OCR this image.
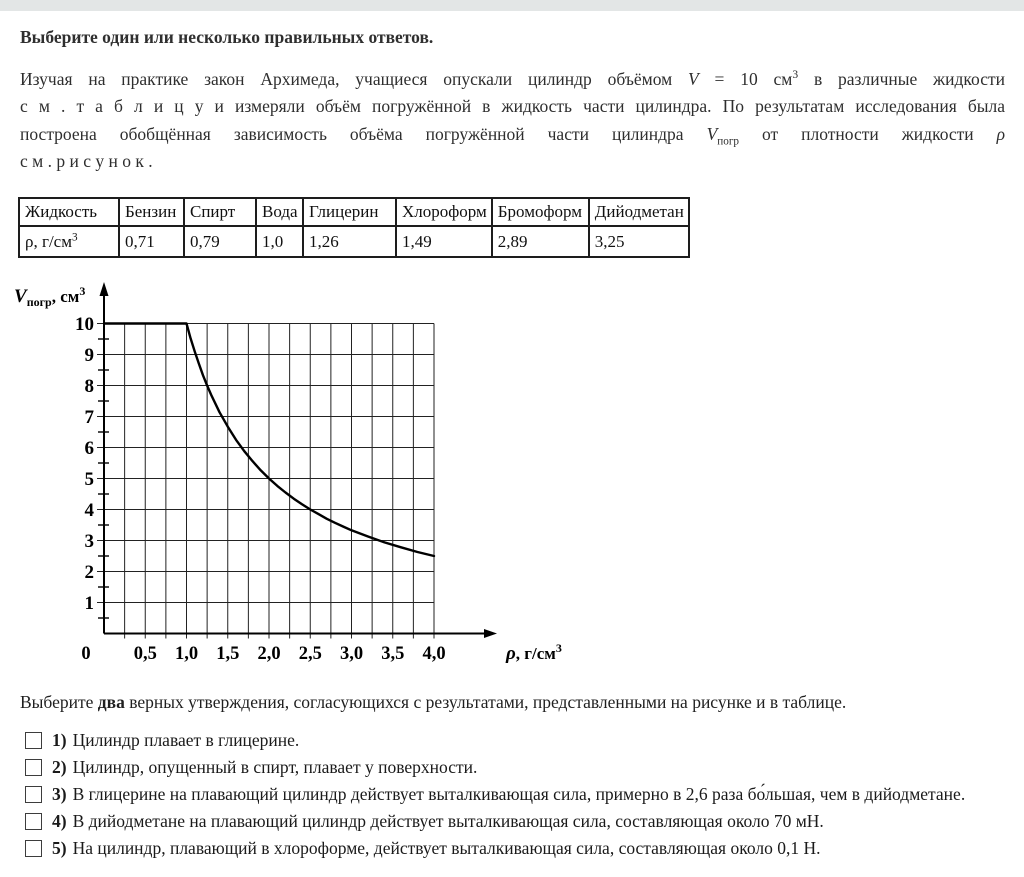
Выберите один или несколько правильных ответов.
Изучая на практике закон Архимеда, учащиеся опускали цилиндр объёмом V = 10 $см^3$ в различные жидкости
с м . т а б л и ц у и измеряли объём погружённой в жидкость части цилиндра. По результатам исследования была
построена обобщённая зависимость объёма погружённой части цилиндра $V_{погр}$ от плотности жидкости ρ
с м . р и с у н о к .
Жидкость	Бензин	Спирт	Вода	Глицерин	Хлороформ	Бромоформ	Дийодметан
ρ, $г/см^3$	0,71	0,79	1,0	1,26	1,49	2,89	3,25
1
2
3
4
5
6
7
8
9
10
0 0,5 1,0 1,5 2,0 2,5 3,0 3,5 4,0
$V_{погр}$, $см^3$
ρ, $г/см^3$
Выберите два верных утверждения, согласующихся с результатами, представленными на рисунке и в таблице.
1) Цилиндр плавает в глицерине.
2) Цилиндр, опущенный в спирт, плавает у поверхности.
3) В глицерине на плавающий цилиндр действует выталкивающая сила, примерно в 2,6 раза бо́льшая, чем в дийодметане.
4) В дийодметане на плавающий цилиндр действует выталкивающая сила, составляющая около 70 мН.
5) На цилиндр, плавающий в хлороформе, действует выталкивающая сила, составляющая около 0,1 Н.
